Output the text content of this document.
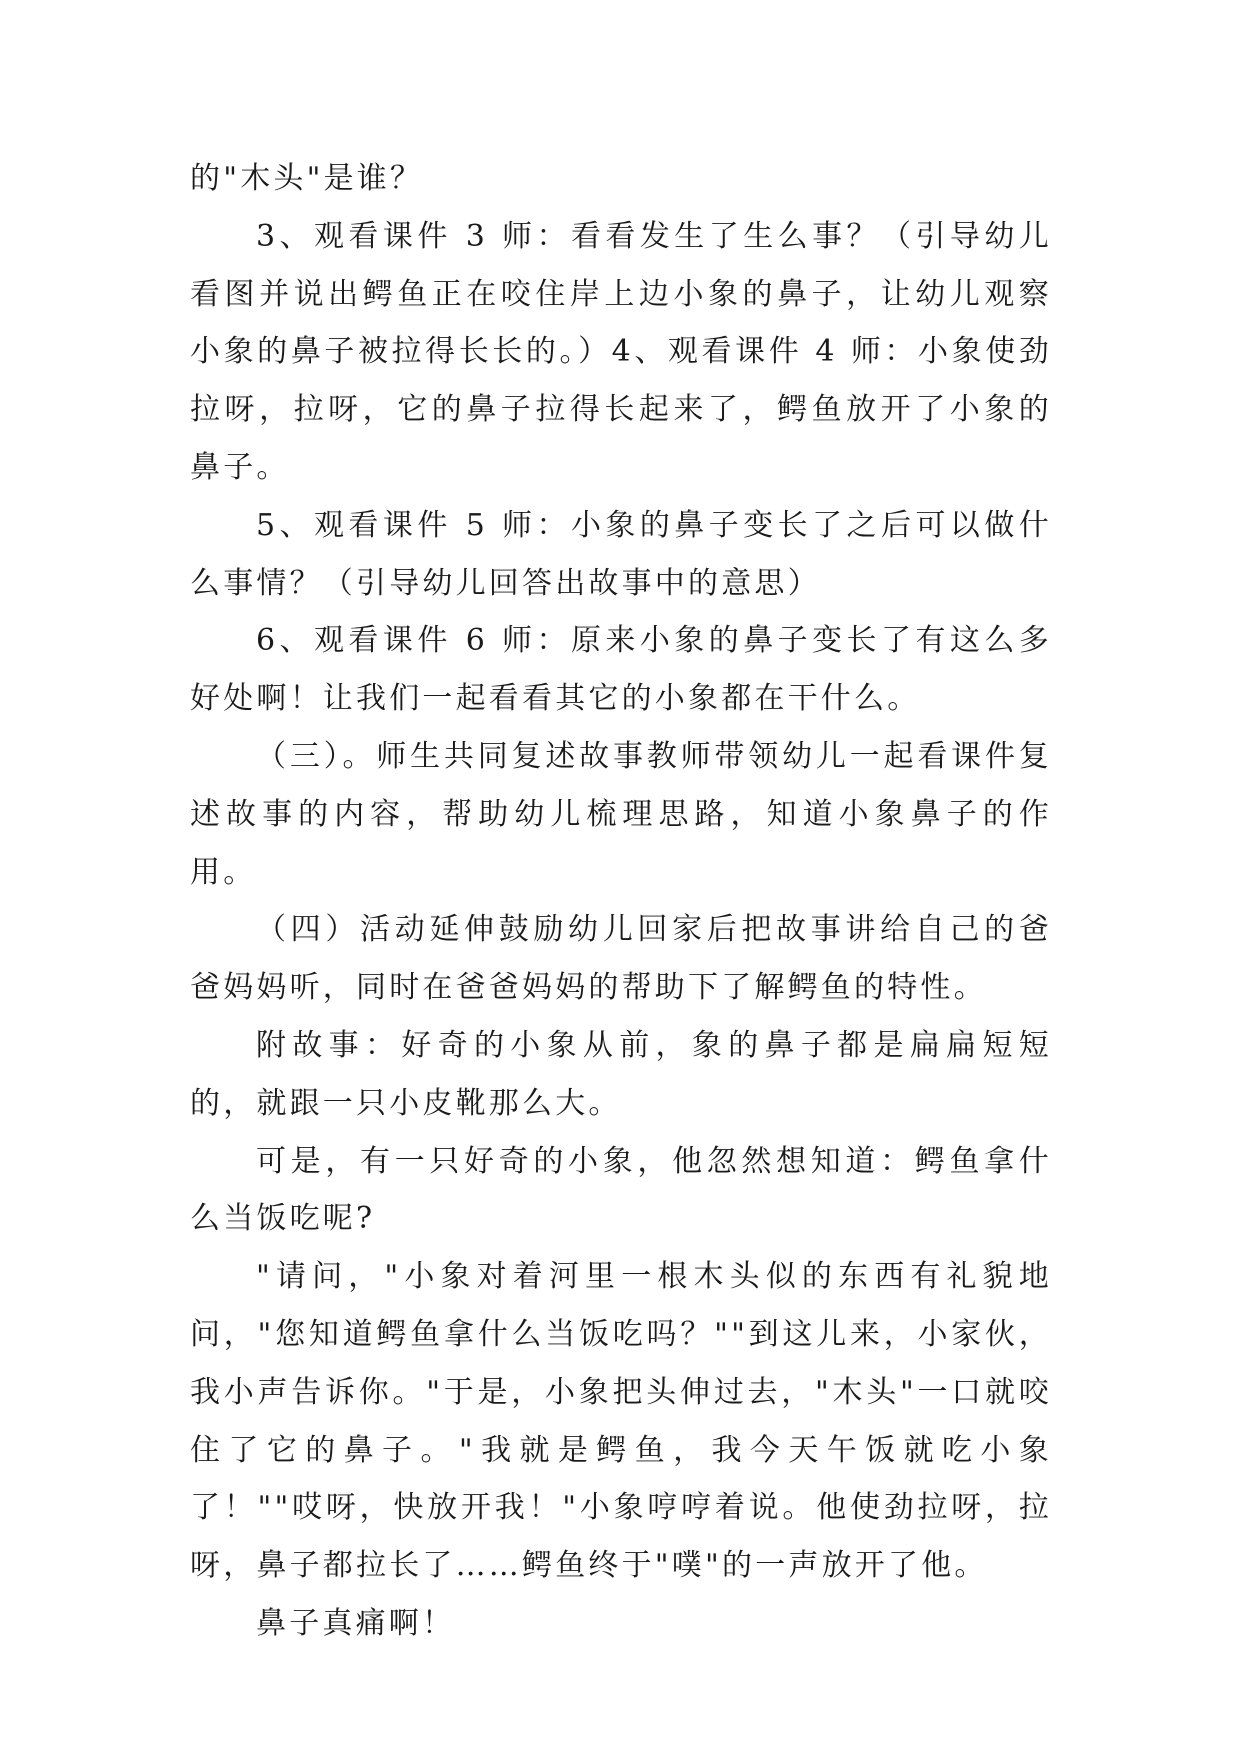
的"木头"是谁？

3、观看课件 3 师：看看发生了生么事？（引导幼儿看图并说出鳄鱼正在咬住岸上边小象的鼻子，让幼儿观察小象的鼻子被拉得长长的。）4、观看课件 4 师：小象使劲拉呀，拉呀，它的鼻子拉得长起来了，鳄鱼放开了小象的鼻子。

5、观看课件 5 师：小象的鼻子变长了之后可以做什么事情？（引导幼儿回答出故事中的意思）

6、观看课件 6 师：原来小象的鼻子变长了有这么多好处啊！让我们一起看看其它的小象都在干什么。

（三）。师生共同复述故事教师带领幼儿一起看课件复述故事的内容，帮助幼儿梳理思路，知道小象鼻子的作用。

（四）活动延伸鼓励幼儿回家后把故事讲给自己的爸爸妈妈听，同时在爸爸妈妈的帮助下了解鳄鱼的特性。

附故事：好奇的小象从前，象的鼻子都是扁扁短短的，就跟一只小皮靴那么大。

可是，有一只好奇的小象，他忽然想知道：鳄鱼拿什么当饭吃呢?

"请问，"小象对着河里一根木头似的东西有礼貌地问，"您知道鳄鱼拿什么当饭吃吗？""到这儿来，小家伙，我小声告诉你。"于是，小象把头伸过去，"木头"一口就咬住了它的鼻子。"我就是鳄鱼，我今天午饭就吃小象了！""哎呀，快放开我！"小象哼哼着说。他使劲拉呀，拉呀，鼻子都拉长了……鳄鱼终于"噗"的一声放开了他。

鼻子真痛啊！
